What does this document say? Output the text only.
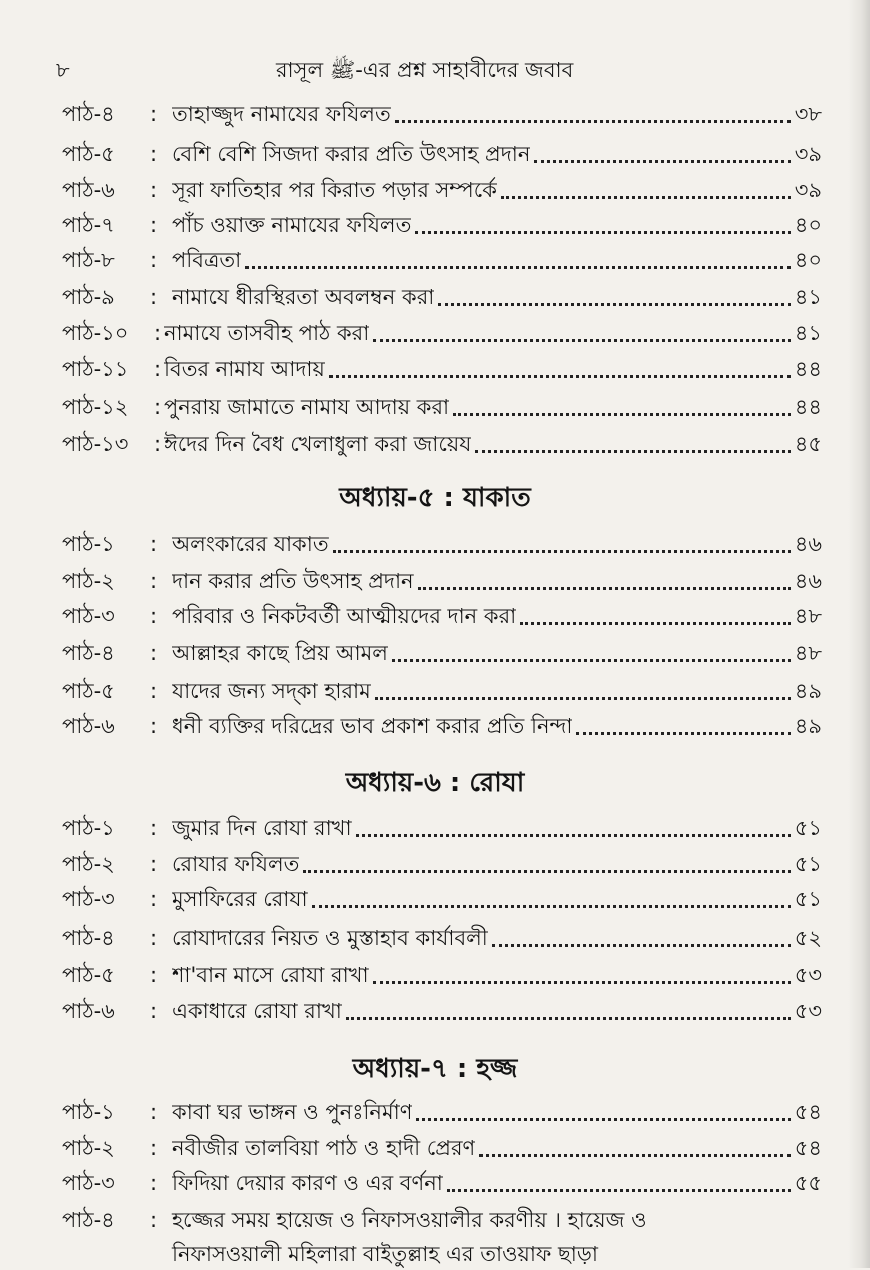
৮	রাসূল ﷺ-এর প্রশ্ন সাহাবীদের জবাব
পাঠ-৪ : তাহাজ্জুদ নামাযের ফযিলত	৩৮
পাঠ-৫ : বেশি বেশি সিজদা করার প্রতি উৎসাহ প্রদান	৩৯
পাঠ-৬ : সূরা ফাতিহার পর কিরাত পড়ার সম্পর্কে	৩৯
পাঠ-৭ : পাঁচ ওয়াক্ত নামাযের ফযিলত	৪০
পাঠ-৮ : পবিত্রতা	৪০
পাঠ-৯ : নামাযে ধীরস্থিরতা অবলম্বন করা	৪১
পাঠ-১০ : নামাযে তাসবীহ পাঠ করা	৪১
পাঠ-১১ : বিতর নামায আদায়	৪৪
পাঠ-১২ : পুনরায় জামাতে নামায আদায় করা	৪৪
পাঠ-১৩ : ঈদের দিন বৈধ খেলাধুলা করা জায়েয	৪৫
অধ্যায়-৫ : যাকাত
পাঠ-১ : অলংকারের যাকাত	৪৬
পাঠ-২ : দান করার প্রতি উৎসাহ প্রদান	৪৬
পাঠ-৩ : পরিবার ও নিকটবর্তী আত্মীয়দের দান করা	৪৮
পাঠ-৪ : আল্লাহর কাছে প্রিয় আমল	৪৮
পাঠ-৫ : যাদের জন্য সদ্কা হারাম	৪৯
পাঠ-৬ : ধনী ব্যক্তির দরিদ্রের ভাব প্রকাশ করার প্রতি নিন্দা	৪৯
অধ্যায়-৬ : রোযা
পাঠ-১ : জুমার দিন রোযা রাখা	৫১
পাঠ-২ : রোযার ফযিলত	৫১
পাঠ-৩ : মুসাফিরের রোযা	৫১
পাঠ-৪ : রোযাদারের নিয়ত ও মুস্তাহাব কার্যাবলী	৫২
পাঠ-৫ : শা'বান মাসে রোযা রাখা	৫৩
পাঠ-৬ : একাধারে রোযা রাখা	৫৩
অধ্যায়-৭ : হজ্জ
পাঠ-১ : কাবা ঘর ভাঙ্গন ও পুনঃনির্মাণ	৫৪
পাঠ-২ : নবীজীর তালবিয়া পাঠ ও হাদী প্রেরণ	৫৪
পাঠ-৩ : ফিদিয়া দেয়ার কারণ ও এর বর্ণনা	৫৫
পাঠ-৪ : হজ্জের সময় হায়েজ ও নিফাসওয়ালীর করণীয় । হায়েজ ও
নিফাসওয়ালী মহিলারা বাইতুল্লাহ এর তাওয়াফ ছাড়া
